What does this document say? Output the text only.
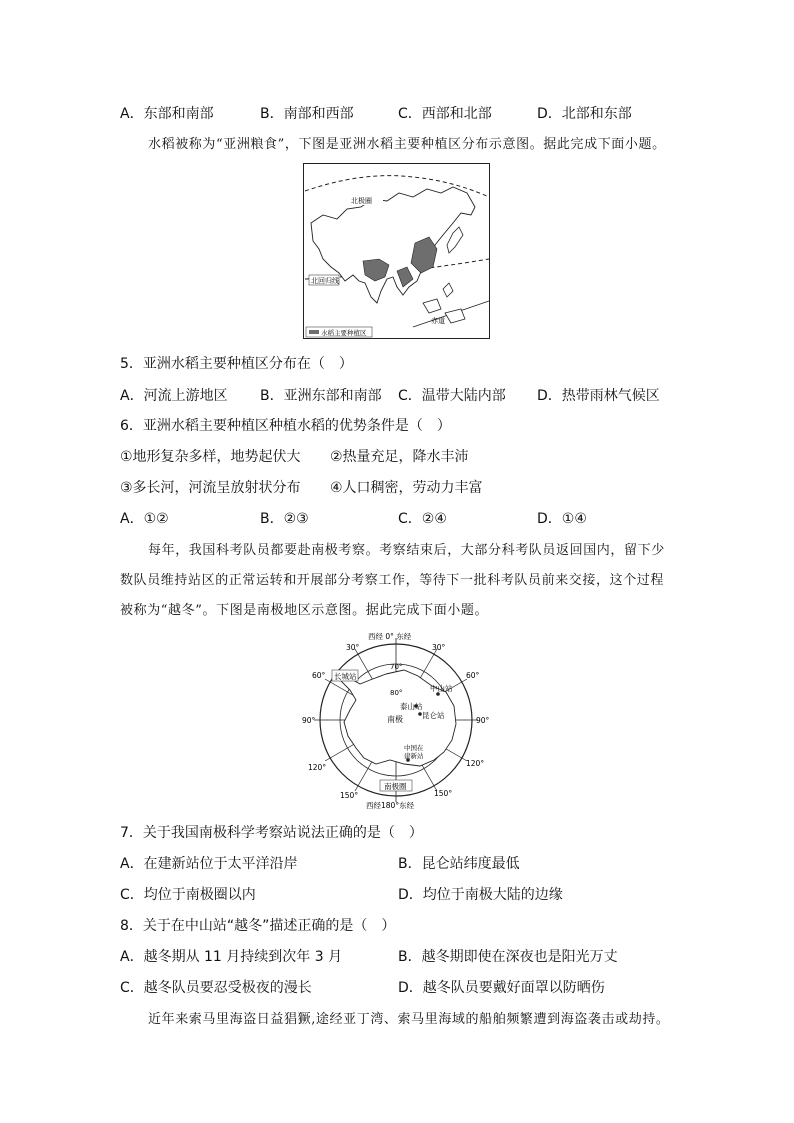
A．东部和南部	B．南部和西部	C．西部和北部	D．北部和东部
水稻被称为“亚洲粮食”，下图是亚洲水稻主要种植区分布示意图。据此完成下面小题。
北极圈
北回归线
赤道
水稻主要种植区
5．亚洲水稻主要种植区分布在（　）
A．河流上游地区 B．亚洲东部和南部 C．温带大陆内部 D．热带雨林气候区
6．亚洲水稻主要种植区种植水稻的优势条件是（　）
①地形复杂多样，地势起伏大 ②热量充足，降水丰沛
③多长河，河流呈放射状分布 ④人口稠密，劳动力丰富
A．①②	B．②③	C．②④	D．①④
每年，我国科考队员都要赴南极考察。考察结束后，大部分科考队员返回国内，留下少数队员维持站区的正常运转和开展部分考察工作，等待下一批科考队员前来交接，这个过程被称为“越冬”。下图是南极地区示意图。据此完成下面小题。
南极
70°
80°
长城站
中山站
泰山站
昆仑站
中国在
建新站
南极圈
西经 0° 东经
西经180°东经
30°	30°
60°	60°
90°	90°
120°	120°
150°	150°
7．关于我国南极科学考察站说法正确的是（　）
A．在建新站位于太平洋沿岸	B．昆仑站纬度最低
C．均位于南极圈以内	D．均位于南极大陆的边缘
8．关于在中山站“越冬”描述正确的是（　）
A．越冬期从 11 月持续到次年 3 月	B．越冬期即使在深夜也是阳光万丈
C．越冬队员要忍受极夜的漫长	D．越冬队员要戴好面罩以防晒伤
近年来索马里海盗日益猖獗,途经亚丁湾、索马里海域的船舶频繁遭到海盗袭击或劫持。
